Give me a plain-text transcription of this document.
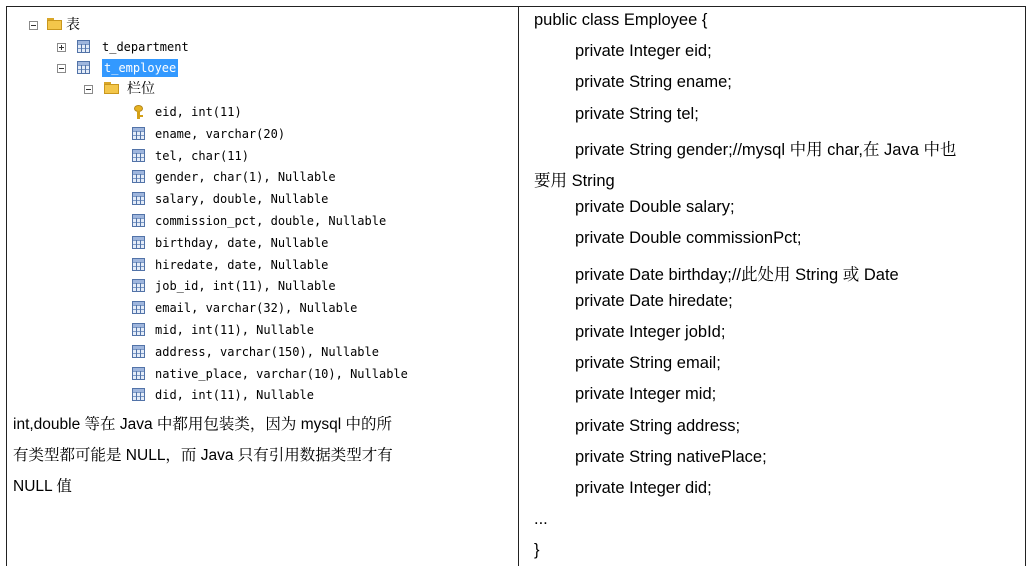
表
t_department
t_employee
栏位
eid, int(11)
ename, varchar(20)
tel, char(11)
gender, char(1), Nullable
salary, double, Nullable
commission_pct, double, Nullable
birthday, date, Nullable
hiredate, date, Nullable
job_id, int(11), Nullable
email, varchar(32), Nullable
mid, int(11), Nullable
address, varchar(150), Nullable
native_place, varchar(10), Nullable
did, int(11), Nullable
int,double 等在 Java 中都用包装类，因为 mysql 中的所
有类型都可能是 NULL，而 Java 只有引用数据类型才有
NULL 值
public class Employee {
private Integer eid;
private String ename;
private String tel;
private String gender;//mysql 中用 char,在 Java 中也
要用 String
private Double salary;
private Double commissionPct;
private Date birthday;//此处用 String 或 Date
private Date hiredate;
private Integer jobId;
private String email;
private Integer mid;
private String address;
private String nativePlace;
private Integer did;
...
}
